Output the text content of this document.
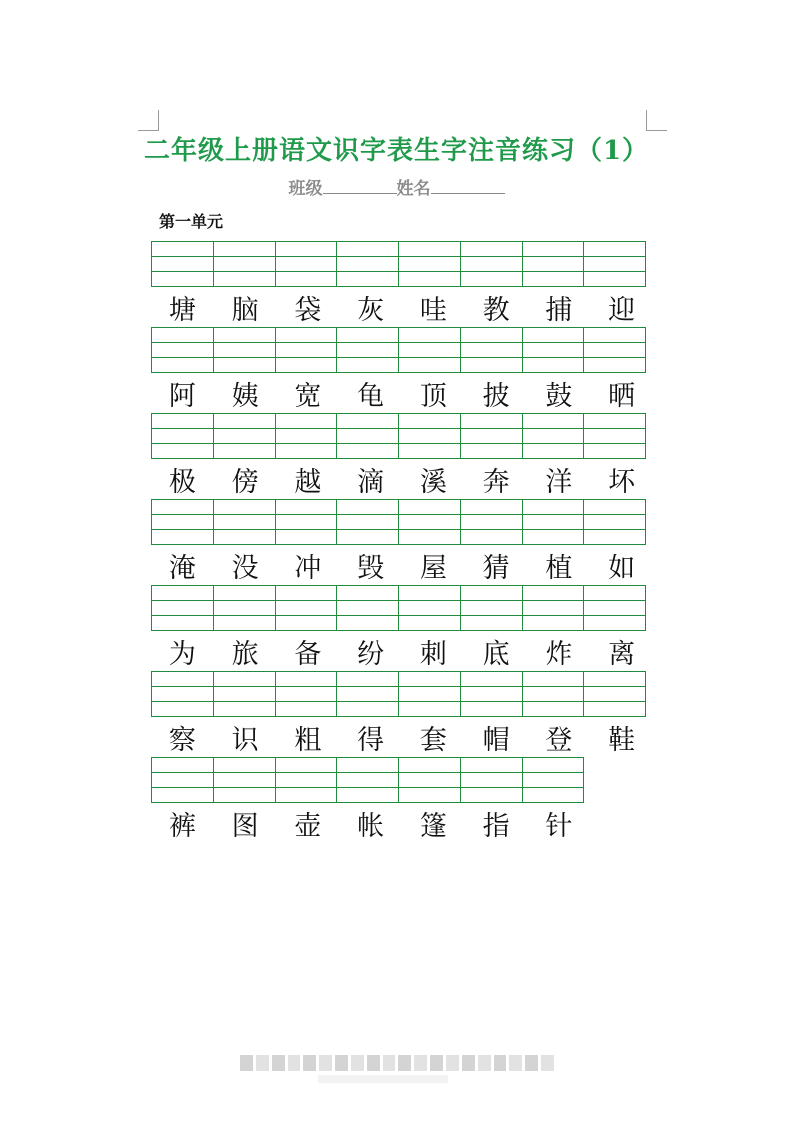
二年级上册语文识字表生字注音练习（1）
班级	姓名
第一单元
塘	脑	袋	灰	哇	教	捕	迎
阿	姨	宽	龟	顶	披	鼓	晒
极	傍	越	滴	溪	奔	洋	坏
淹	没	冲	毁	屋	猜	植	如
为	旅	备	纷	刺	底	炸	离
察	识	粗	得	套	帽	登	鞋
裤	图	壶	帐	篷	指	针
